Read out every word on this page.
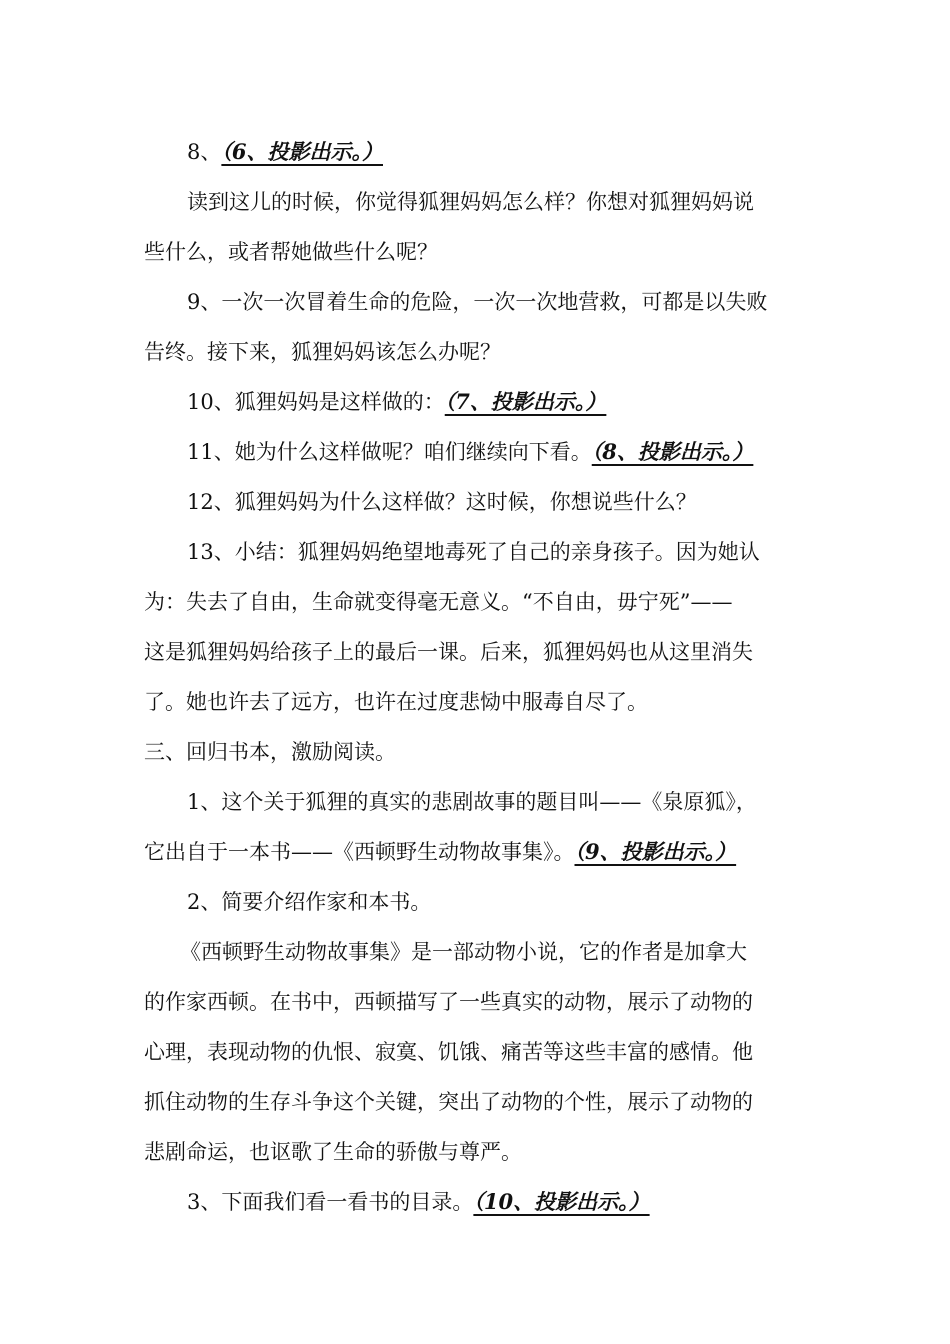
8、（6、投影出示。）
读到这儿的时候，你觉得狐狸妈妈怎么样？你想对狐狸妈妈说
些什么，或者帮她做些什么呢？
9、一次一次冒着生命的危险，一次一次地营救，可都是以失败
告终。接下来，狐狸妈妈该怎么办呢？
10、狐狸妈妈是这样做的：（7、投影出示。）
11、她为什么这样做呢？咱们继续向下看。（8、投影出示。）
12、狐狸妈妈为什么这样做？这时候，你想说些什么？
13、小结：狐狸妈妈绝望地毒死了自己的亲身孩子。因为她认
为：失去了自由，生命就变得毫无意义。“不自由，毋宁死”——
这是狐狸妈妈给孩子上的最后一课。后来，狐狸妈妈也从这里消失
了。她也许去了远方，也许在过度悲恸中服毒自尽了。
三、回归书本，激励阅读。
1、这个关于狐狸的真实的悲剧故事的题目叫——《泉原狐》，
它出自于一本书——《西顿野生动物故事集》。（9、投影出示。）
2、简要介绍作家和本书。
《西顿野生动物故事集》是一部动物小说，它的作者是加拿大
的作家西顿。在书中，西顿描写了一些真实的动物，展示了动物的
心理，表现动物的仇恨、寂寞、饥饿、痛苦等这些丰富的感情。他
抓住动物的生存斗争这个关键，突出了动物的个性，展示了动物的
悲剧命运，也讴歌了生命的骄傲与尊严。
3、下面我们看一看书的目录。（10、投影出示。）
